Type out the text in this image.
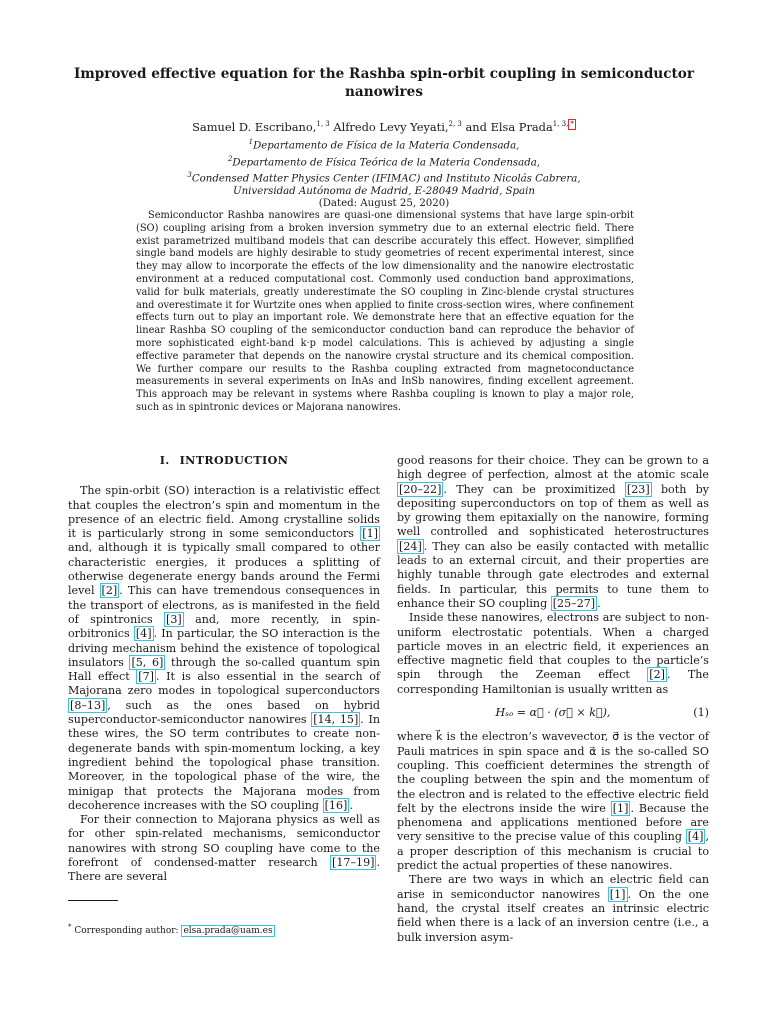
Improved effective equation for the Rashba spin-orbit coupling in semiconductor nanowires
Samuel D. Escribano,$^{1, 3}$ Alfredo Levy Yeyati,$^{2, 3}$ and Elsa Prada$^{1, 3,}$ *
$^1$Departamento de Física de la Materia Condensada,
$^2$Departamento de Física Teórica de la Materia Condensada,
$^3$Condensed Matter Physics Center (IFIMAC) and Instituto Nicolás Cabrera,
Universidad Autónoma de Madrid, E-28049 Madrid, Spain
(Dated: August 25, 2020)

Semiconductor Rashba nanowires are quasi-one dimensional systems that have large spin-orbit (SO) coupling arising from a broken inversion symmetry due to an external electric field. There exist parametrized multiband models that can describe accurately this effect. However, simplified single band models are highly desirable to study geometries of recent experimental interest, since they may allow to incorporate the effects of the low dimensionality and the nanowire electrostatic environment at a reduced computational cost. Commonly used conduction band approximations, valid for bulk materials, greatly underestimate the SO coupling in Zinc-blende crystal structures and overestimate it for Wurtzite ones when applied to finite cross-section wires, where confinement effects turn out to play an important role. We demonstrate here that an effective equation for the linear Rashba SO coupling of the semiconductor conduction band can reproduce the behavior of more sophisticated eight-band k·p model calculations. This is achieved by adjusting a single effective parameter that depends on the nanowire crystal structure and its chemical composition. We further compare our results to the Rashba coupling extracted from magnetoconductance measurements in several experiments on InAs and InSb nanowires, finding excellent agreement. This approach may be relevant in systems where Rashba coupling is known to play a major role, such as in spintronic devices or Majorana nanowires.

I. INTRODUCTION

The spin-orbit (SO) interaction is a relativistic effect that couples the electron’s spin and momentum in the presence of an electric field. Among crystalline solids it is particularly strong in some semiconductors [1] and, although it is typically small compared to other characteristic energies, it produces a splitting of otherwise degenerate energy bands around the Fermi level [2] . This can have tremendous consequences in the transport of electrons, as is manifested in the field of spintronics [3] and, more recently, in spin-orbitronics [4] . In particular, the SO interaction is the driving mechanism behind the existence of topological insulators [5, 6] through the so-called quantum spin Hall effect [7] . It is also essential in the search of Majorana zero modes in topological superconductors [8–13] , such as the ones based on hybrid superconductor-semiconductor nanowires [14, 15] . In these wires, the SO term contributes to create non-degenerate bands with spin-momentum locking, a key ingredient behind the topological phase transition. Moreover, in the topological phase of the wire, the minigap that protects the Majorana modes from decoherence increases with the SO coupling [16] .

For their connection to Majorana physics as well as for other spin-related mechanisms, semiconductor nanowires with strong SO coupling have come to the forefront of condensed-matter research [17–19] . There are several

good reasons for their choice. They can be grown to a high degree of perfection, almost at the atomic scale [20–22] . They can be proximitized [23] both by depositing superconductors on top of them as well as by growing them epitaxially on the nanowire, forming well controlled and sophisticated heterostructures [24] . They can also be easily contacted with metallic leads to an external circuit, and their properties are highly tunable through gate electrodes and external fields. In particular, this permits to tune them to enhance their SO coupling [25–27] .

Inside these nanowires, electrons are subject to non-uniform electrostatic potentials. When a charged particle moves in an electric field, it experiences an effective magnetic field that couples to the particle’s spin through the Zeeman effect [2] . The corresponding Hamiltonian is usually written as

Hₛₒ = α⃗ · (σ⃗ × k⃗),	(1)

where k⃗ is the electron’s wavevector, σ⃗ is the vector of Pauli matrices in spin space and α⃗ is the so-called SO coupling. This coefficient determines the strength of the coupling between the spin and the momentum of the electron and is related to the effective electric field felt by the electrons inside the wire [1] . Because the phenomena and applications mentioned before are very sensitive to the precise value of this coupling [4] , a proper description of this mechanism is crucial to predict the actual properties of these nanowires.

There are two ways in which an electric field can arise in semiconductor nanowires [1] . On the one hand, the crystal itself creates an intrinsic electric field when there is a lack of an inversion centre (i.e., a bulk inversion asym-

* Corresponding author: elsa.prada@uam.es
